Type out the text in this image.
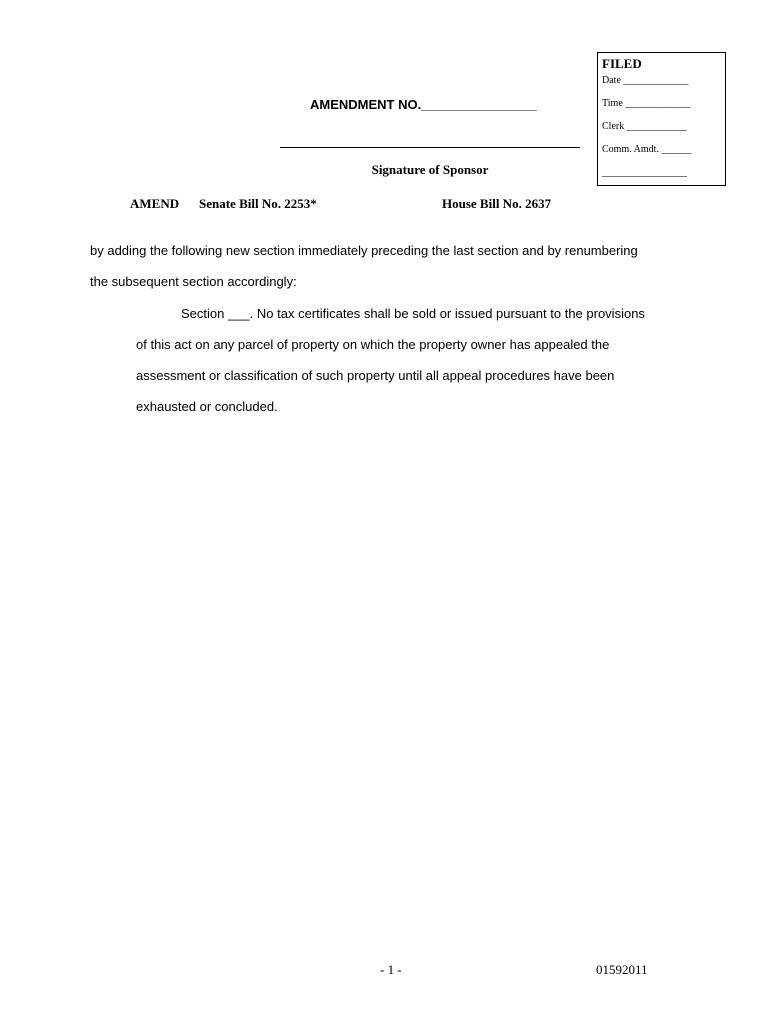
FILED
Date _____________
Time _____________
Clerk ____________
Comm. Amdt. ______
_________________
AMENDMENT NO.________________
Signature of Sponsor
AMEND Senate Bill No. 2253*	House Bill No. 2637
by adding the following new section immediately preceding the last section and by renumbering
the subsequent section accordingly:
Section ___. No tax certificates shall be sold or issued pursuant to the provisions
of this act on any parcel of property on which the property owner has appealed the
assessment or classification of such property until all appeal procedures have been
exhausted or concluded.
- 1 -	01592011
